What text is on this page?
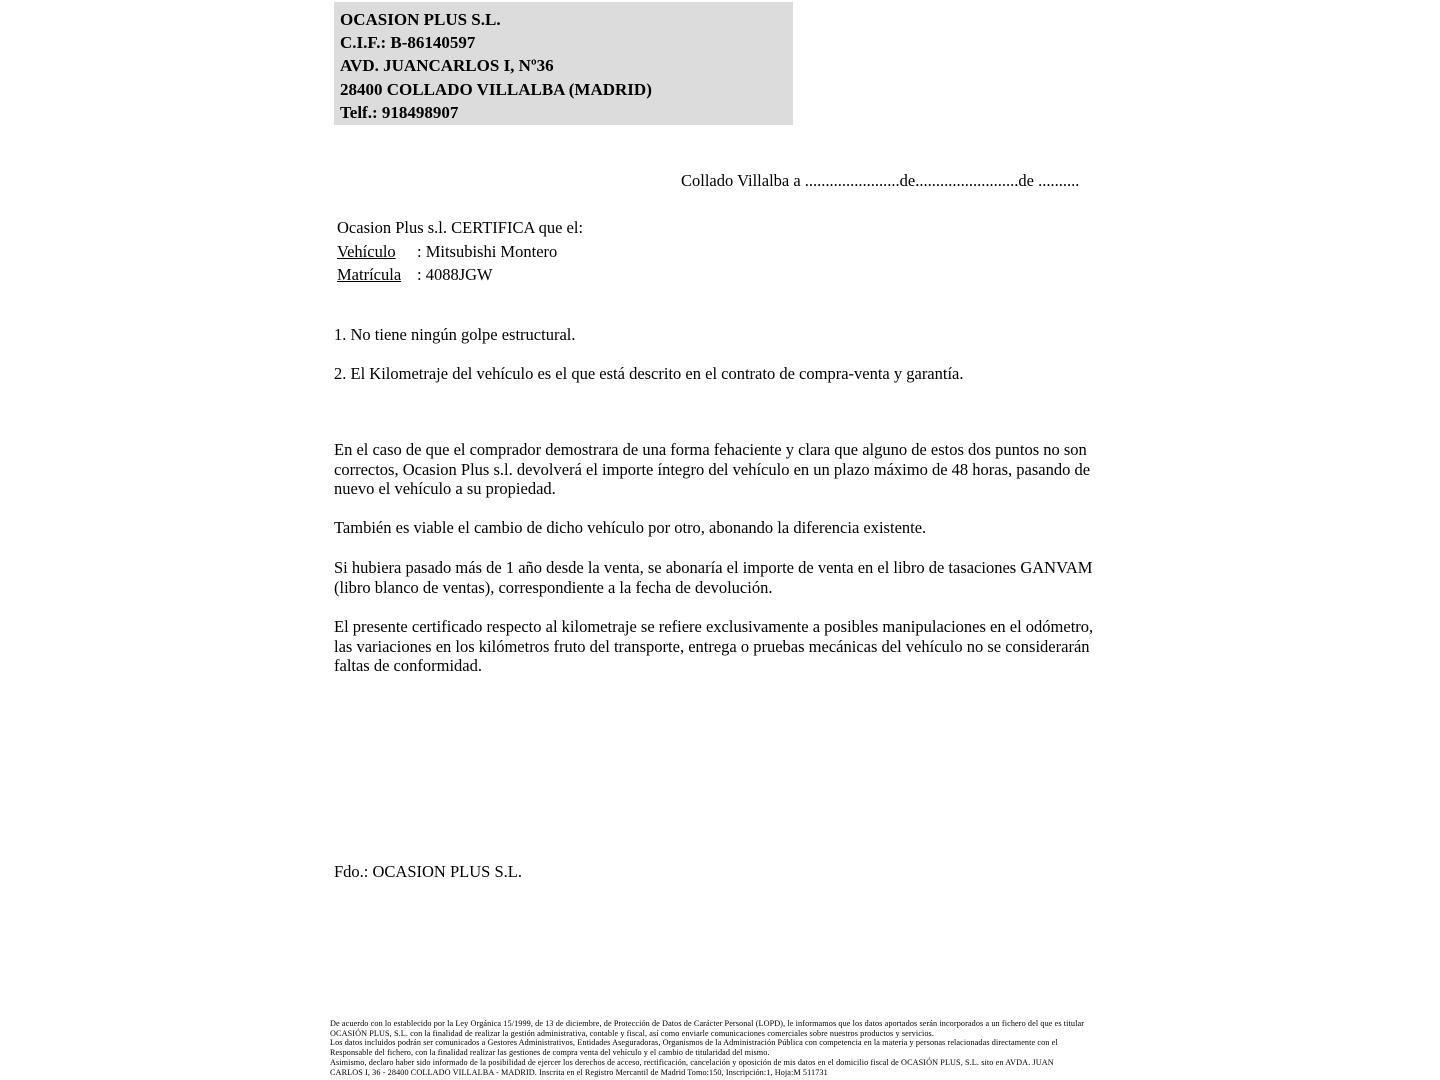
OCASION PLUS S.L.
C.I.F.: B-86140597
AVD. JUANCARLOS I, Nº36
28400 COLLADO VILLALBA (MADRID)
Telf.: 918498907
Collado Villalba a .......................de.........................de ..........
Ocasion Plus s.l. CERTIFICA que el:
Vehículo : Mitsubishi Montero
Matrícula : 4088JGW
1. No tiene ningún golpe estructural.
2. El Kilometraje del vehículo es el que está descrito en el contrato de compra-venta y garantía.
En el caso de que el comprador demostrara de una forma fehaciente y clara que alguno de estos dos puntos no son correctos, Ocasion Plus s.l. devolverá el importe íntegro del vehículo en un plazo máximo de 48 horas, pasando de nuevo el vehículo a su propiedad.
También es viable el cambio de dicho vehículo por otro, abonando la diferencia existente.
Si hubiera pasado más de 1 año desde la venta, se abonaría el importe de venta en el libro de tasaciones GANVAM (libro blanco de ventas), correspondiente a la fecha de devolución.
El presente certificado respecto al kilometraje se refiere exclusivamente a posibles manipulaciones en el odómetro, las variaciones en los kilómetros fruto del transporte, entrega o pruebas mecánicas del vehículo no se considerarán faltas de conformidad.
Fdo.: OCASION PLUS S.L.
De acuerdo con lo establecido por la Ley Orgánica 15/1999, de 13 de diciembre, de Protección de Datos de Carácter Personal (LOPD), le informamos que los datos aportados serán incorporados a un fichero del que es titular
OCASIÓN PLUS, S.L. con la finalidad de realizar la gestión administrativa, contable y fiscal, así como enviarle comunicaciones comerciales sobre nuestros productos y servicios.
Los datos incluidos podrán ser comunicados a Gestores Administrativos, Entidades Aseguradoras, Organismos de la Administración Pública con competencia en la materia y personas relacionadas directamente con el
Responsable del fichero, con la finalidad realizar las gestiones de compra venta del vehículo y el cambio de titularidad del mismo.
Asimismo, declaro haber sido informado de la posibilidad de ejercer los derechos de acceso, rectificación, cancelación y oposición de mis datos en el domicilio fiscal de OCASIÓN PLUS, S.L. sito en AVDA. JUAN
CARLOS I, 36 - 28400 COLLADO VILLALBA - MADRID. Inscrita en el Registro Mercantil de Madrid Tomo:150, Inscripción:1, Hoja:M 511731
